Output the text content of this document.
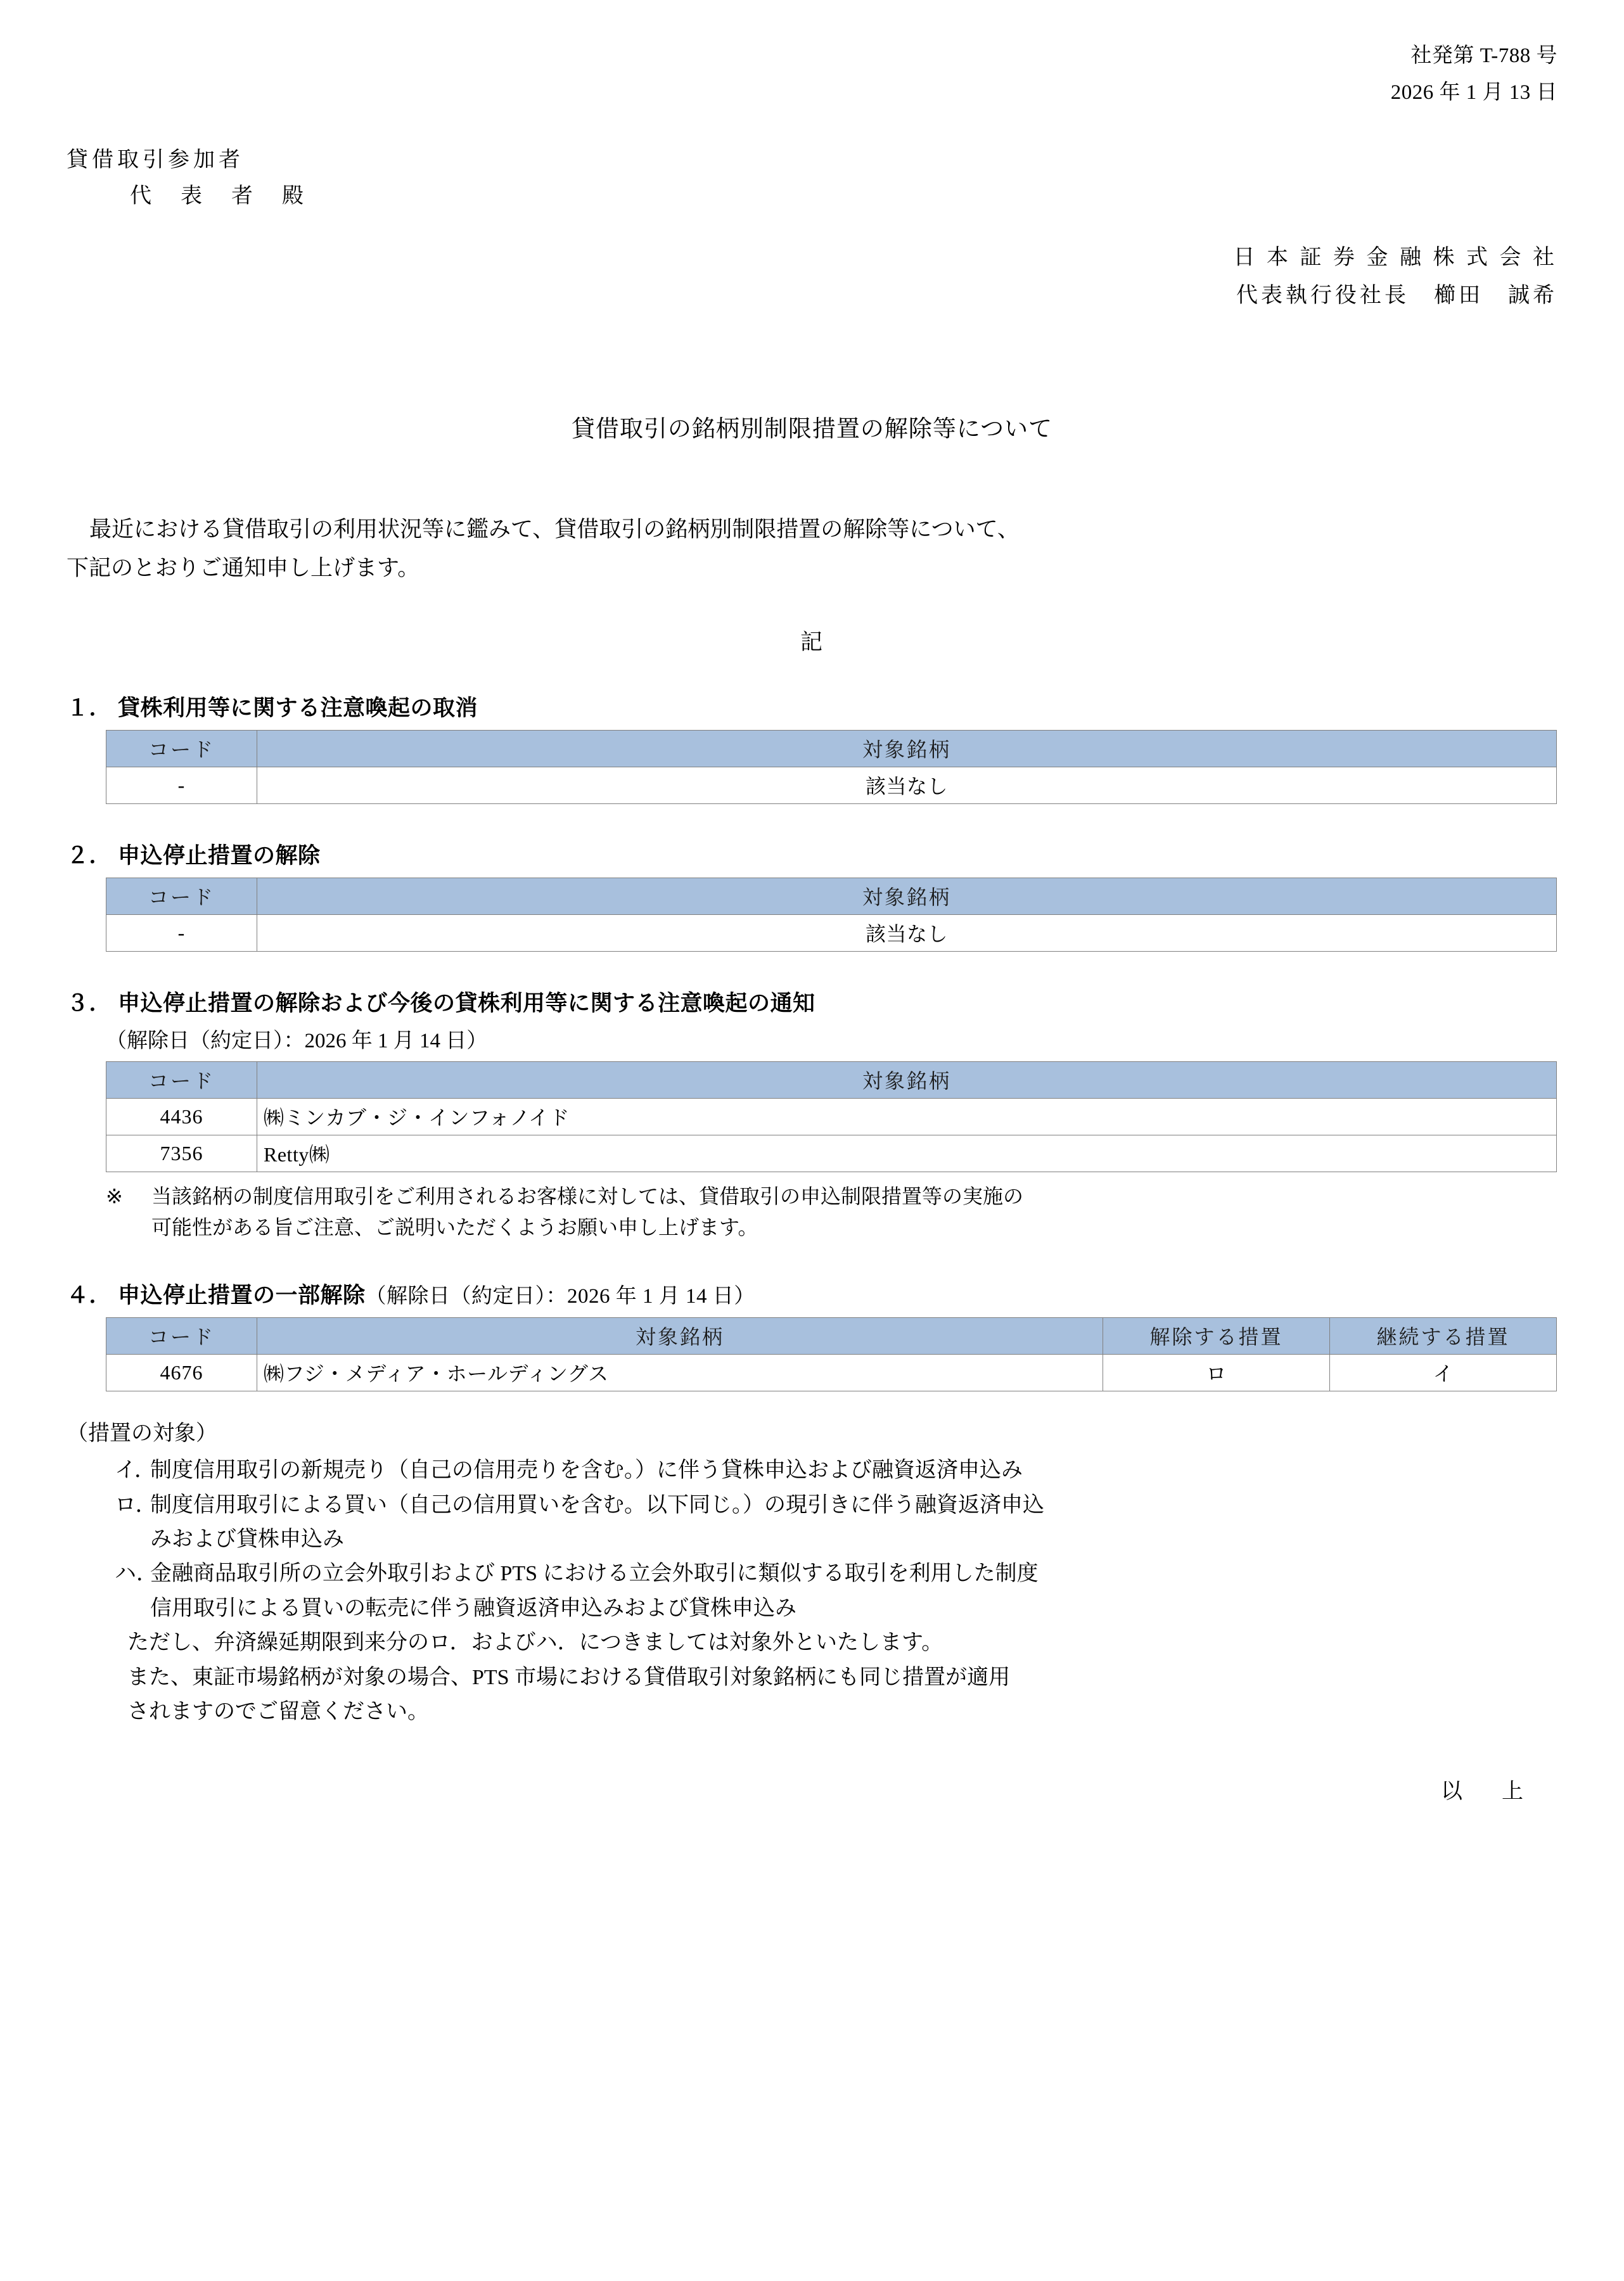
社発第 T-788 号
2026 年 1 月 13 日
貸借取引参加者
代　表　者　殿
日 本 証 券 金 融 株 式 会 社
代表執行役社長　櫛田　誠希
貸借取引の銘柄別制限措置の解除等について
最近における貸借取引の利用状況等に鑑みて、貸借取引の銘柄別制限措置の解除等について、
下記のとおりご通知申し上げます。
記
１． 貸株利用等に関する注意喚起の取消
コード	対象銘柄
-	該当なし
２． 申込停止措置の解除
コード	対象銘柄
-	該当なし
３． 申込停止措置の解除および今後の貸株利用等に関する注意喚起の通知
（解除日（約定日）：2026 年 1 月 14 日）
コード	対象銘柄
4436	㈱ミンカブ・ジ・インフォノイド
7356	Retty㈱
※	当該銘柄の制度信用取引をご利用されるお客様に対しては、貸借取引の申込制限措置等の実施の
可能性がある旨ご注意、ご説明いただくようお願い申し上げます。
４． 申込停止措置の一部解除（解除日（約定日）：2026 年 1 月 14 日）
コード	対象銘柄	解除する措置	継続する措置
4676	㈱フジ・メディア・ホールディングス	ロ	イ
（措置の対象）
イ．
制度信用取引の新規売り（自己の信用売りを含む。）に伴う貸株申込および融資返済申込み
ロ．
制度信用取引による買い（自己の信用買いを含む。以下同じ。）の現引きに伴う融資返済申込
みおよび貸株申込み
ハ．
金融商品取引所の立会外取引および PTS における立会外取引に類似する取引を利用した制度
信用取引による買いの転売に伴う融資返済申込みおよび貸株申込み
ただし、弁済繰延期限到来分のロ．およびハ．につきましては対象外といたします。
また、東証市場銘柄が対象の場合、PTS 市場における貸借取引対象銘柄にも同じ措置が適用
されますのでご留意ください。
以　上
